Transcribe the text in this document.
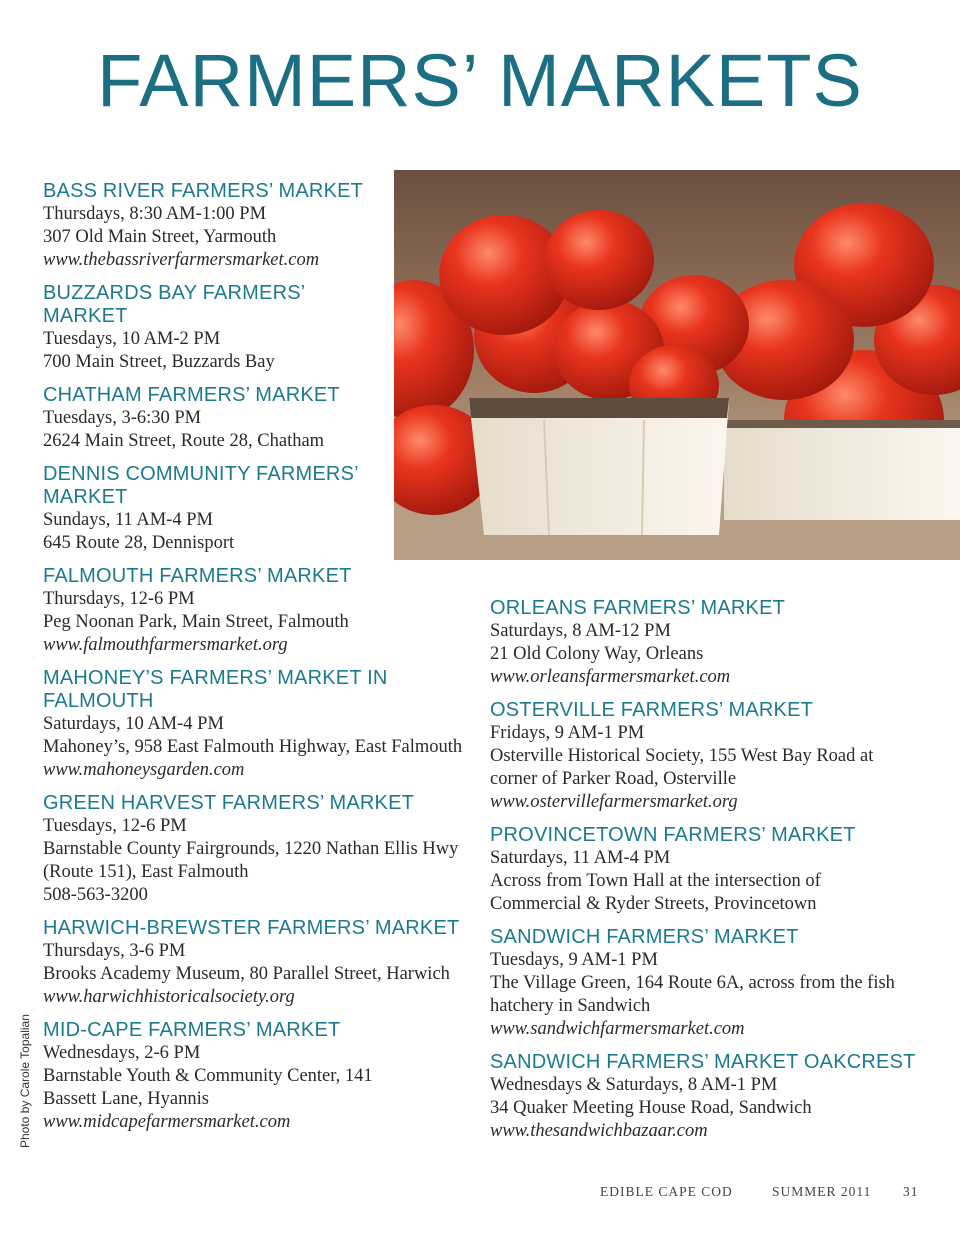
FARMERS’ MARKETS
BASS RIVER FARMERS’ MARKET
Thursdays, 8:30 AM-1:00 PM
307 Old Main Street, Yarmouth
www.thebassriverfarmersmarket.com
BUZZARDS BAY FARMERS’ MARKET
Tuesdays, 10 AM-2 PM
700 Main Street, Buzzards Bay
CHATHAM FARMERS’ MARKET
Tuesdays, 3-6:30 PM
2624 Main Street, Route 28, Chatham
DENNIS COMMUNITY FARMERS’ MARKET
Sundays, 11 AM-4 PM
645 Route 28, Dennisport
FALMOUTH FARMERS’ MARKET
Thursdays, 12-6 PM
Peg Noonan Park, Main Street, Falmouth
www.falmouthfarmersmarket.org
MAHONEY’S FARMERS’ MARKET IN FALMOUTH
Saturdays, 10 AM-4 PM
Mahoney’s, 958 East Falmouth Highway, East Falmouth
www.mahoneysgarden.com
GREEN HARVEST FARMERS’ MARKET
Tuesdays, 12-6 PM
Barnstable County Fairgrounds, 1220 Nathan Ellis Hwy (Route 151), East Falmouth
508-563-3200
HARWICH-BREWSTER FARMERS’ MARKET
Thursdays, 3-6 PM
Brooks Academy Museum, 80 Parallel Street, Harwich
www.harwichhistoricalsociety.org
MID-CAPE FARMERS’ MARKET
Wednesdays, 2-6 PM
Barnstable Youth & Community Center, 141 Bassett Lane, Hyannis
www.midcapefarmersmarket.com
ORLEANS FARMERS’ MARKET
Saturdays, 8 AM-12 PM
21 Old Colony Way, Orleans
www.orleansfarmersmarket.com
OSTERVILLE FARMERS’ MARKET
Fridays, 9 AM-1 PM
Osterville Historical Society, 155 West Bay Road at corner of Parker Road, Osterville
www.ostervillefarmersmarket.org
PROVINCETOWN FARMERS’ MARKET
Saturdays, 11 AM-4 PM
Across from Town Hall at the intersection of Commercial & Ryder Streets, Provincetown
SANDWICH FARMERS’ MARKET
Tuesdays, 9 AM-1 PM
The Village Green, 164 Route 6A, across from the fish hatchery in Sandwich
www.sandwichfarmersmarket.com
SANDWICH FARMERS’ MARKET OAKCREST
Wednesdays & Saturdays, 8 AM-1 PM
34 Quaker Meeting House Road, Sandwich
www.thesandwichbazaar.com
Photo by Carole Topalian
EDIBLE CAPE COD	SUMMER 2011 31
